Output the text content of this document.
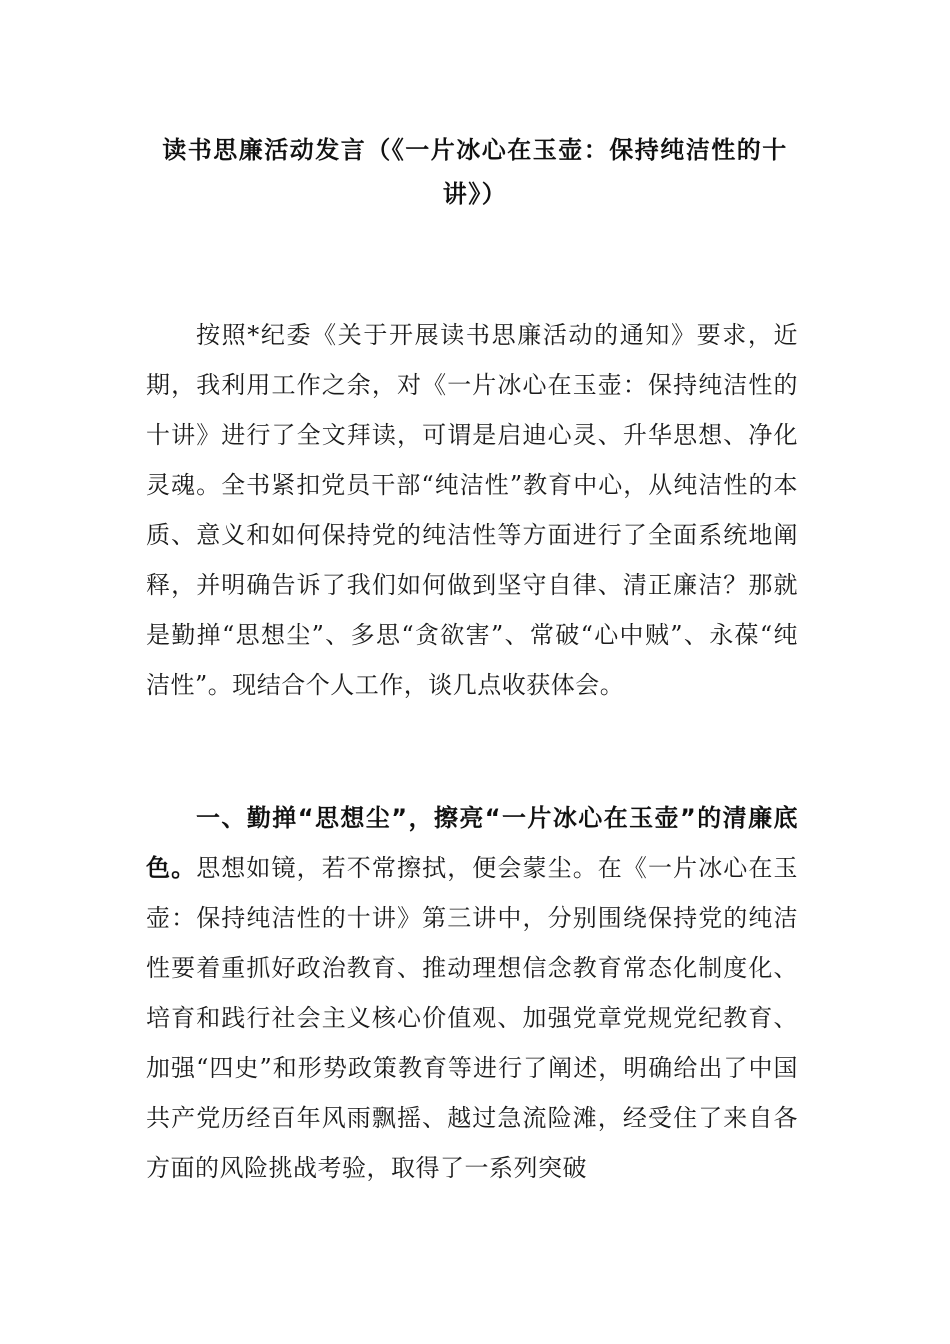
读书思廉活动发言（《一片冰心在玉壶：保持纯洁性的十讲》）

按照*纪委《关于开展读书思廉活动的通知》要求，近期，我利用工作之余，对《一片冰心在玉壶：保持纯洁性的十讲》进行了全文拜读，可谓是启迪心灵、升华思想、净化灵魂。全书紧扣党员干部“纯洁性”教育中心，从纯洁性的本质、意义和如何保持党的纯洁性等方面进行了全面系统地阐释，并明确告诉了我们如何做到坚守自律、清正廉洁？那就是勤掸“思想尘”、多思“贪欲害”、常破“心中贼”、永葆“纯洁性”。现结合个人工作，谈几点收获体会。

一、勤掸“思想尘”，擦亮“一片冰心在玉壶”的清廉底色。思想如镜，若不常擦拭，便会蒙尘。在《一片冰心在玉壶：保持纯洁性的十讲》第三讲中，分别围绕保持党的纯洁性要着重抓好政治教育、推动理想信念教育常态化制度化、培育和践行社会主义核心价值观、加强党章党规党纪教育、加强“四史”和形势政策教育等进行了阐述，明确给出了中国共产党历经百年风雨飘摇、越过急流险滩，经受住了来自各方面的风险挑战考验，取得了一系列突破
